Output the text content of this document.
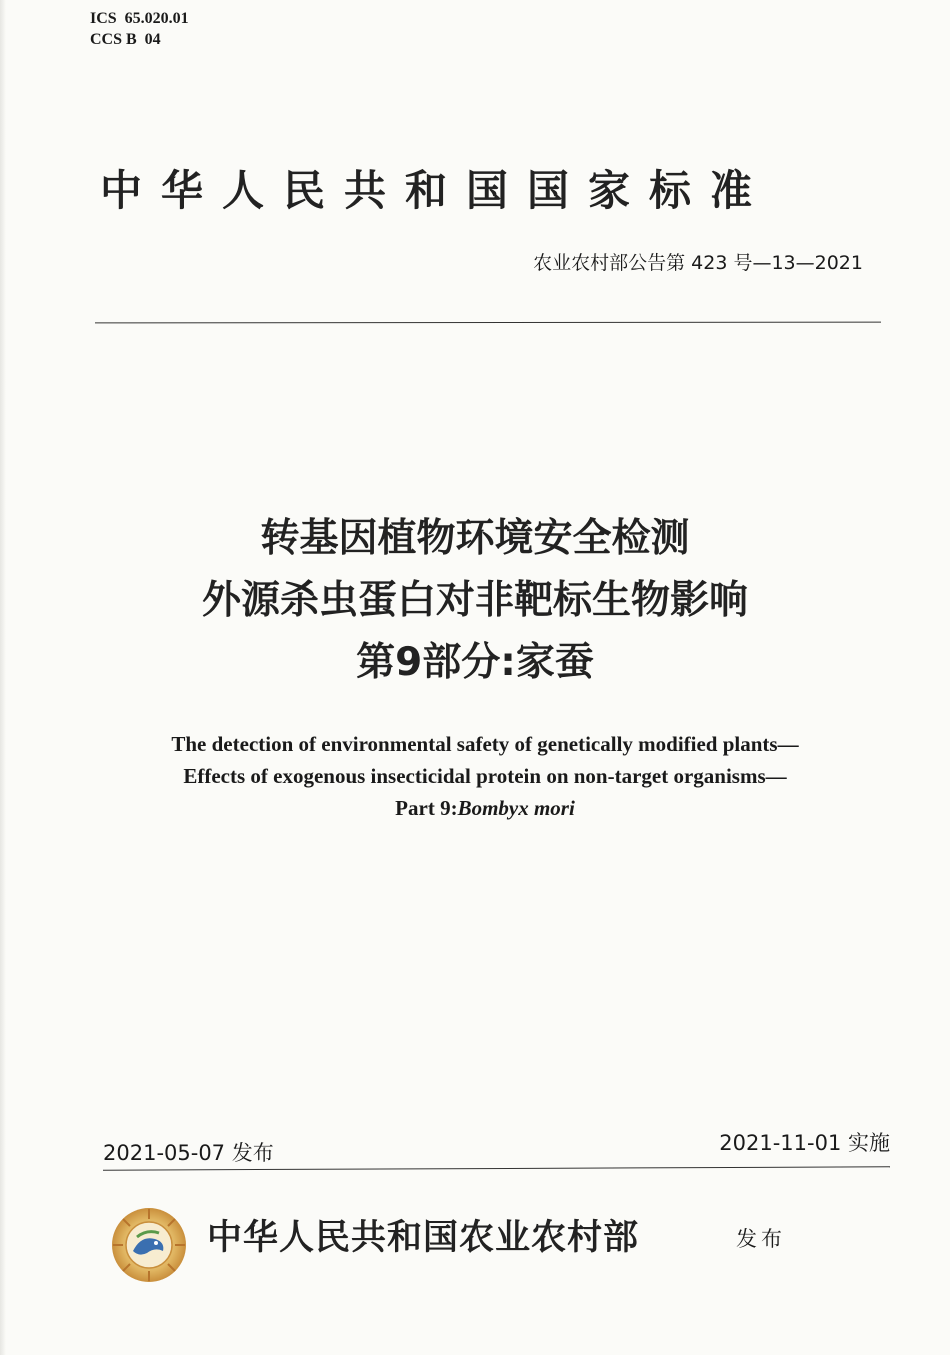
ICS  65.020.01
CCS B  04
中华人民共和国国家标准
农业农村部公告第 423 号—13—2021
转基因植物环境安全检测
外源杀虫蛋白对非靶标生物影响
第9部分:家蚕
The detection of environmental safety of genetically modified plants—
Effects of exogenous insecticidal protein on non-target organisms—
Part 9:Bombyx mori
2021-05-07 发布	2021-11-01 实施
中华人民共和国农业农村部	发布
